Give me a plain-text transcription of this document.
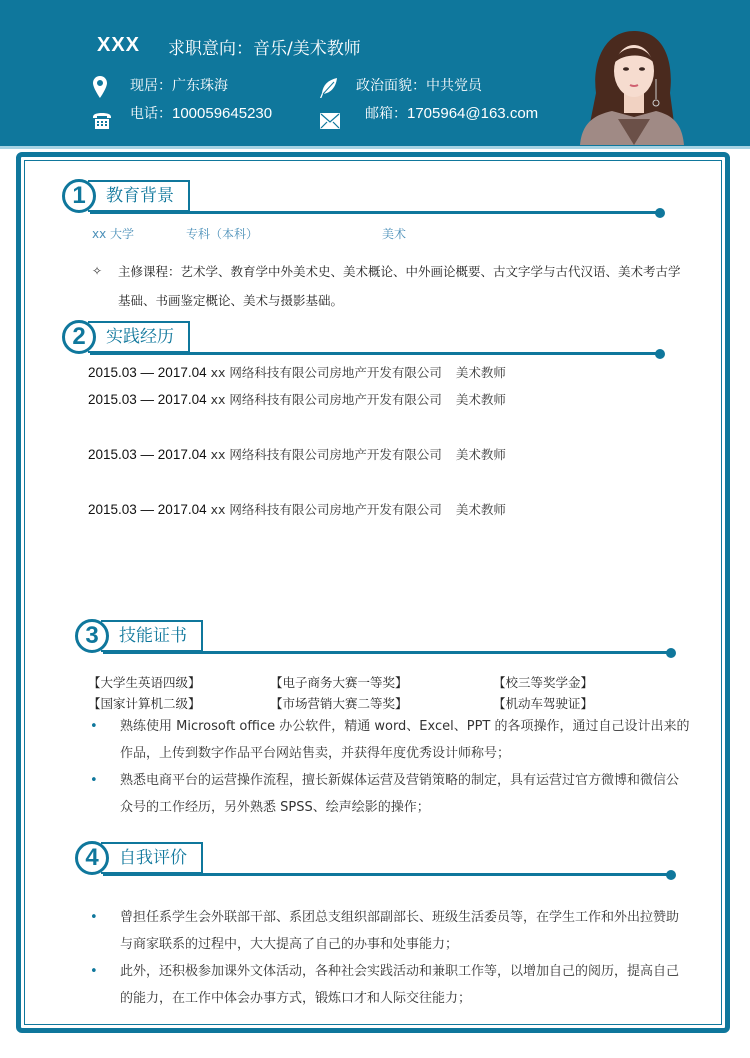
XXX 求职意向：音乐/美术教师
现居：广东珠海	政治面貌：中共党员
电话：100059645230	邮箱：1705964@163.com
1	教育背景
xx 大学	专科（本科）	美术
✧ 主修课程：艺术学、教育学中外美术史、美术概论、中外画论概要、古文字学与古代汉语、美术考古学基础、书画鉴定概论、美术与摄影基础。
2	实践经历
2015.03 — 2017.04 xx 网络科技有限公司房地产开发有限公司 美术教师
2015.03 — 2017.04 xx 网络科技有限公司房地产开发有限公司 美术教师
2015.03 — 2017.04 xx 网络科技有限公司房地产开发有限公司 美术教师
2015.03 — 2017.04 xx 网络科技有限公司房地产开发有限公司 美术教师
3	技能证书
【大学生英语四级】	【电子商务大赛一等奖】	【校三等奖学金】
【国家计算机二级】	【市场营销大赛二等奖】	【机动车驾驶证】
• 熟练使用 Microsoft office 办公软件，精通 word、Excel、PPT 的各项操作，通过自己设计出来的作品，上传到数字作品平台网站售卖，并获得年度优秀设计师称号；
• 熟悉电商平台的运营操作流程，擅长新媒体运营及营销策略的制定，具有运营过官方微博和微信公众号的工作经历，另外熟悉 SPSS、绘声绘影的操作；
4	自我评价
• 曾担任系学生会外联部干部、系团总支组织部副部长、班级生活委员等，在学生工作和外出拉赞助与商家联系的过程中，大大提高了自己的办事和处事能力；
• 此外，还积极参加课外文体活动，各种社会实践活动和兼职工作等，以增加自己的阅历，提高自己的能力，在工作中体会办事方式，锻炼口才和人际交往能力；
